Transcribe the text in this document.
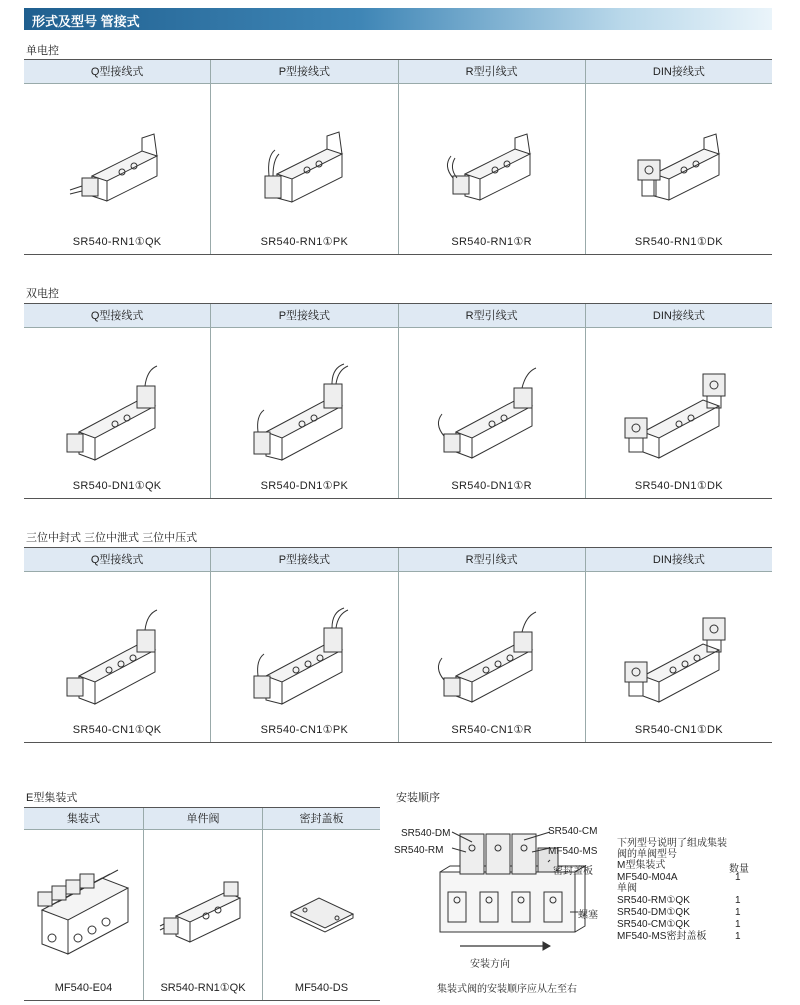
形式及型号 管接式
单电控
Q型接线式	P型接线式	R型引线式	DIN接线式
SR540-RN1①QK	SR540-RN1①PK	SR540-RN1①R	SR540-RN1①DK
双电控
Q型接线式	P型接线式	R型引线式	DIN接线式
SR540-DN1①QK	SR540-DN1①PK	SR540-DN1①R	SR540-DN1①DK
三位中封式 三位中泄式 三位中压式
Q型接线式	P型接线式	R型引线式	DIN接线式
SR540-CN1①QK	SR540-CN1①PK	SR540-CN1①R	SR540-CN1①DK
E型集装式
集装式	单件阀	密封盖板
MF540-E04	SR540-RN1①QK	MF540-DS
安装顺序
SR540-DM
SR540-RM
SR540-CM
MF540-MS
密封盖板
螺塞
安装方向
集装式阀的安装顺序应从左至右
下列型号说明了组成集装
阀的单阀型号
M型集装式	数量
MF540-M04A	1
单阀
SR540-RM①QK	1
SR540-DM①QK	1
SR540-CM①QK	1
MF540-MS密封盖板	1
